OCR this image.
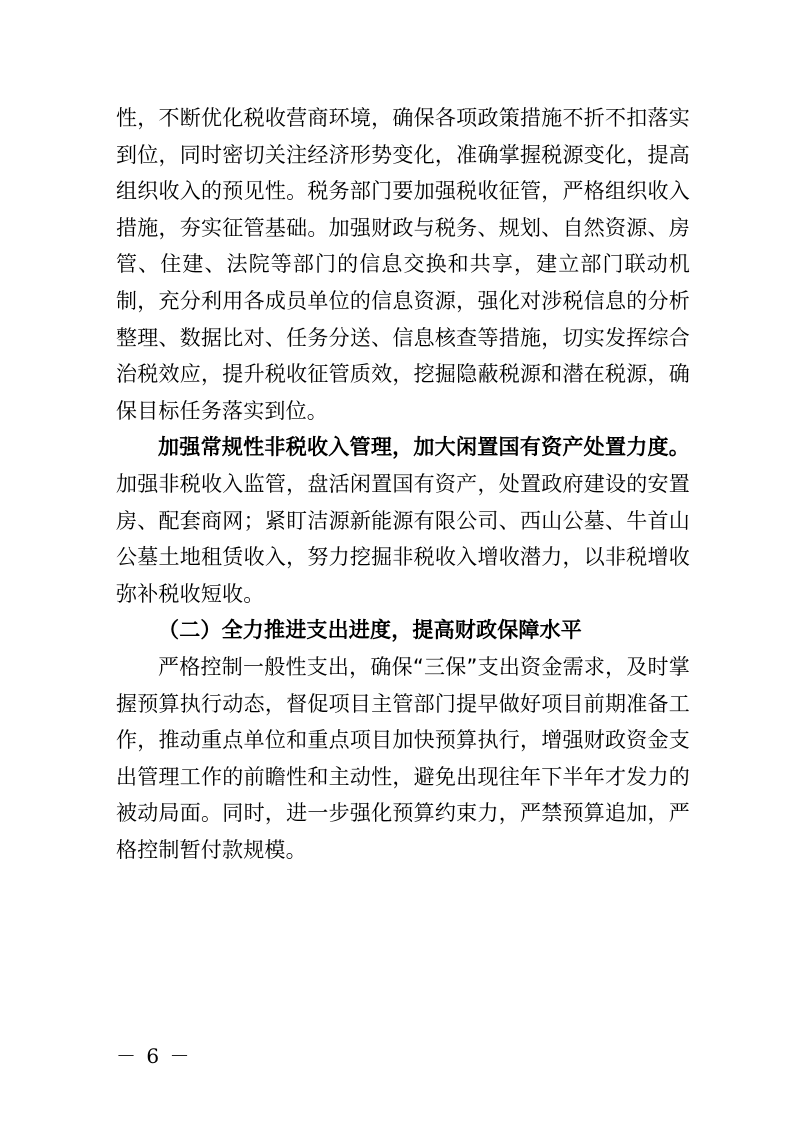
性，不断优化税收营商环境，确保各项政策措施不折不扣落实到位，同时密切关注经济形势变化，准确掌握税源变化，提高组织收入的预见性。税务部门要加强税收征管，严格组织收入措施，夯实征管基础。加强财政与税务、规划、自然资源、房管、住建、法院等部门的信息交换和共享，建立部门联动机制，充分利用各成员单位的信息资源，强化对涉税信息的分析整理、数据比对、任务分送、信息核查等措施，切实发挥综合治税效应，提升税收征管质效，挖掘隐蔽税源和潜在税源，确保目标任务落实到位。

加强常规性非税收入管理，加大闲置国有资产处置力度。加强非税收入监管，盘活闲置国有资产，处置政府建设的安置房、配套商网；紧盯洁源新能源有限公司、西山公墓、牛首山公墓土地租赁收入，努力挖掘非税收入增收潜力，以非税增收弥补税收短收。

（二）全力推进支出进度，提高财政保障水平

严格控制一般性支出，确保“三保”支出资金需求，及时掌握预算执行动态，督促项目主管部门提早做好项目前期准备工作，推动重点单位和重点项目加快预算执行，增强财政资金支出管理工作的前瞻性和主动性，避免出现往年下半年才发力的被动局面。同时，进一步强化预算约束力，严禁预算追加，严格控制暂付款规模。

－ 6 －
